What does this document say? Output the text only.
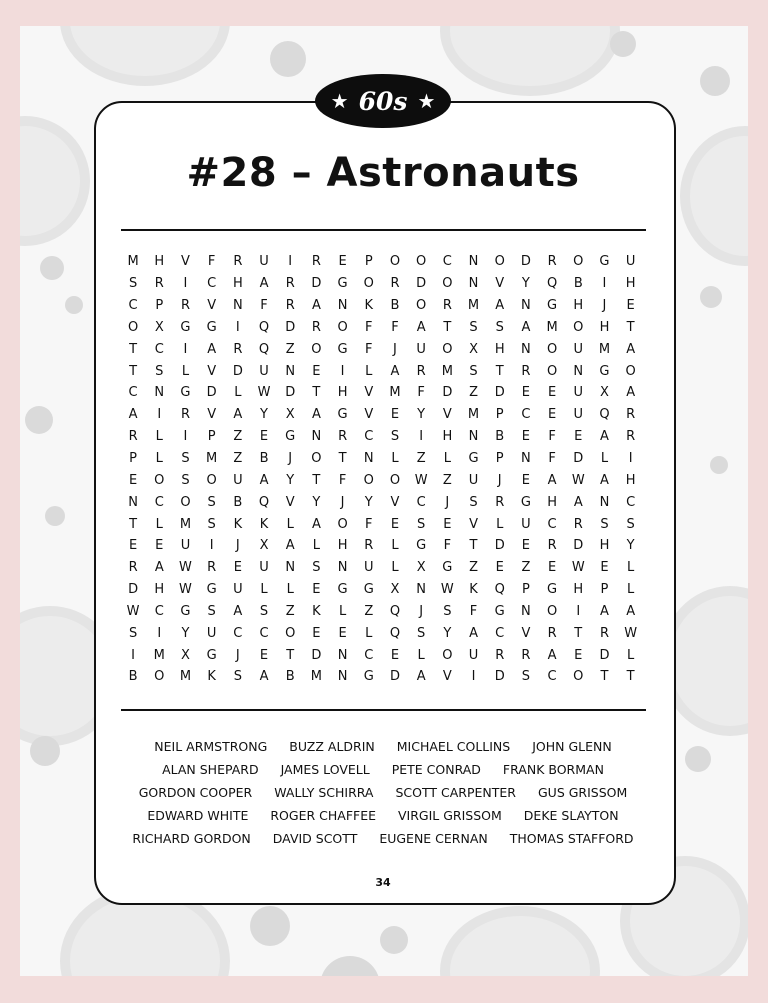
★ 60s ★
#28 – Astronauts
M	H	V	F	R	U	I	R	E	P	O	O	C	N	O	D	R	O	G	U
S	R	I	C	H	A	R	D	G	O	R	D	O	N	V	Y	Q	B	I	H
C	P	R	V	N	F	R	A	N	K	B	O	R	M	A	N	G	H	J	E
O	X	G	G	I	Q	D	R	O	F	F	A	T	S	S	A	M	O	H	T
T	C	I	A	R	Q	Z	O	G	F	J	U	O	X	H	N	O	U	M	A
T	S	L	V	D	U	N	E	I	L	A	R	M	S	T	R	O	N	G	O
C	N	G	D	L	W	D	T	H	V	M	F	D	Z	D	E	E	U	X	A
A	I	R	V	A	Y	X	A	G	V	E	Y	V	M	P	C	E	U	Q	R
R	L	I	P	Z	E	G	N	R	C	S	I	H	N	B	E	F	E	A	R
P	L	S	M	Z	B	J	O	T	N	L	Z	L	G	P	N	F	D	L	I
E	O	S	O	U	A	Y	T	F	O	O	W	Z	U	J	E	A	W	A	H
N	C	O	S	B	Q	V	Y	J	Y	V	C	J	S	R	G	H	A	N	C
T	L	M	S	K	K	L	A	O	F	E	S	E	V	L	U	C	R	S	S
E	E	U	I	J	X	A	L	H	R	L	G	F	T	D	E	R	D	H	Y
R	A	W	R	E	U	N	S	N	U	L	X	G	Z	E	Z	E	W	E	L
D	H	W	G	U	L	L	E	G	G	X	N	W	K	Q	P	G	H	P	L
W	C	G	S	A	S	Z	K	L	Z	Q	J	S	F	G	N	O	I	A	A
S	I	Y	U	C	C	O	E	E	L	Q	S	Y	A	C	V	R	T	R	W
I	M	X	G	J	E	T	D	N	C	E	L	O	U	R	R	A	E	D	L
B	O	M	K	S	A	B	M	N	G	D	A	V	I	D	S	C	O	T	T
NEIL ARMSTRONG BUZZ ALDRIN MICHAEL COLLINS JOHN GLENN
ALAN SHEPARD JAMES LOVELL PETE CONRAD FRANK BORMAN
GORDON COOPER WALLY SCHIRRA SCOTT CARPENTER GUS GRISSOM
EDWARD WHITE ROGER CHAFFEE VIRGIL GRISSOM DEKE SLAYTON
RICHARD GORDON DAVID SCOTT EUGENE CERNAN THOMAS STAFFORD
34
